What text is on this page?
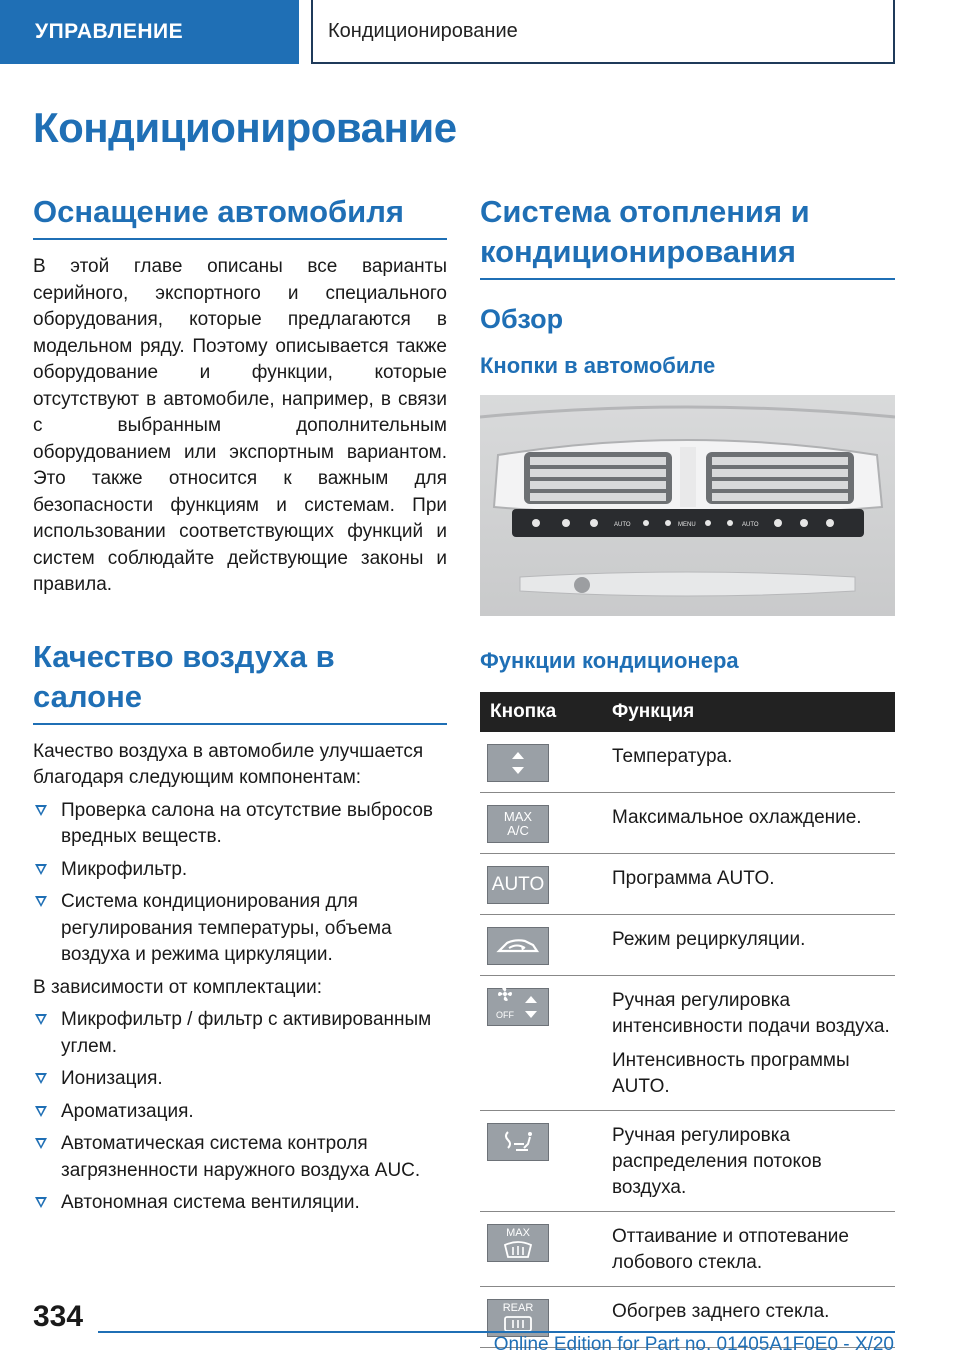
УПРАВЛЕНИЕ	Кондиционирование
Кондиционирование
Оснащение автомобиля

В этой главе описаны все варианты серийного, экспортного и специального оборудования, которые предлагаются в модельном ряду. Поэтому описывается также оборудование и функции, которые отсутствуют в автомобиле, например, в связи с выбранным дополнительным оборудованием или экспортным вариантом. Это также относится к важным для безопасности функциям и системам. При использовании соответствующих функций и систем соблюдайте действующие законы и правила.

Качество воздуха в салоне

Качество воздуха в автомобиле улучшается благодаря следующим компонентам:

Проверка салона на отсутствие выбросов вредных веществ.
Микрофильтр.
Система кондиционирования для регулирования температуры, объема воздуха и режима циркуляции.

В зависимости от комплектации:

Микрофильтр / фильтр с активированным углем.
Ионизация.
Ароматизация.
Автоматическая система контроля загрязненности наружного воздуха AUC.
Автономная система вентиляции.
Система отопления и кондиционирования
Обзор
Кнопки в автомобиле
AUTO	MENU	AUTO
Функции кондиционера
Кнопка	Функция

	Температура.

MAX
A/C	Максимальное охлаждение.

AUTO	Программа AUTO.

	Режим рециркуляции.

OFF	Ручная регулировка интенсивности подачи воздуха.
Интенсивность программы AUTO.

	Ручная регулировка распределения потоков воздуха.

MAX	Оттаивание и отпотевание лобового стекла.

REAR	Обогрев заднего стекла.
334
Online Edition for Part no. 01405A1F0E0 - X/20
